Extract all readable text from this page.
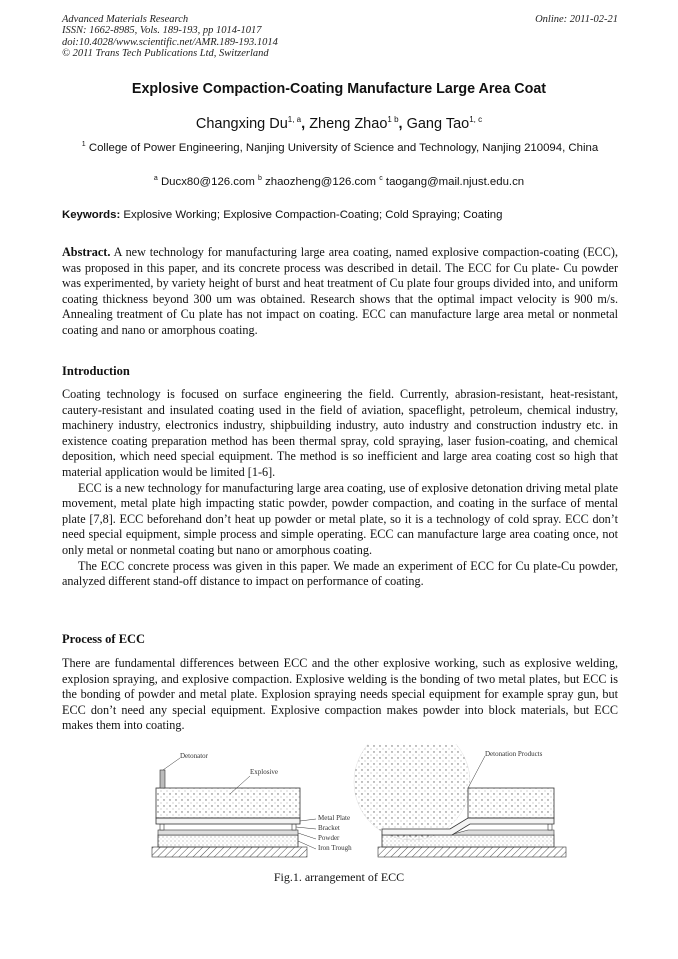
Advanced Materials Research
ISSN: 1662-8985, Vols. 189-193, pp 1014-1017
doi:10.4028/www.scientific.net/AMR.189-193.1014
© 2011 Trans Tech Publications Ltd, Switzerland
Online: 2011-02-21
Explosive Compaction-Coating Manufacture Large Area Coat
Changxing Du$^{1, a}$, Zheng Zhao$^{1 b}$, Gang Tao$^{1, c}$
$^1$ College of Power Engineering, Nanjing University of Science and Technology, Nanjing 210094, China
$^a$ Ducx80@126.com $^b$ zhaozheng@126.com $^c$ taogang@mail.njust.edu.cn
Keywords: Explosive Working; Explosive Compaction-Coating; Cold Spraying; Coating

Abstract. A new technology for manufacturing large area coating, named explosive compaction-coating (ECC), was proposed in this paper, and its concrete process was described in detail. The ECC for Cu plate- Cu powder was experimented, by variety height of burst and heat treatment of Cu plate four groups divided into, and uniform coating thickness beyond 300 um was obtained. Research shows that the optimal impact velocity is 900 m/s. Annealing treatment of Cu plate has not impact on coating. ECC can manufacture large area metal or nonmetal coating and nano or amorphous coating.

Introduction

Coating technology is focused on surface engineering the field. Currently, abrasion-resistant, heat-resistant, cautery-resistant and insulated coating used in the field of aviation, spaceflight, petroleum, chemical industry, machinery industry, electronics industry, shipbuilding industry, auto industry and construction industry etc. in existence coating preparation method has been thermal spray, cold spraying, laser fusion-coating, and chemical deposition, which need special equipment. The method is so inefficient and large area coating cost so high that material application would be limited [1-6].

ECC is a new technology for manufacturing large area coating, use of explosive detonation driving metal plate movement, metal plate high impacting static powder, powder compaction, and coating in the surface of mental plate [7,8]. ECC beforehand don’t heat up powder or metal plate, so it is a technology of cold spray. ECC don’t need special equipment, simple process and simple operating. ECC can manufacture large area coating once, not only metal or nonmetal coating but nano or amorphous coating.

The ECC concrete process was given in this paper. We made an experiment of ECC for Cu plate-Cu powder, analyzed different stand-off distance to impact on performance of coating.

Process of ECC

There are fundamental differences between ECC and the other explosive working, such as explosive welding, explosion spraying, and explosive compaction. Explosive welding is the bonding of two metal plates, but ECC is the bonding of powder and metal plate. Explosion spraying needs special equipment for example spray gun, but ECC don’t need any special equipment. Explosive compaction makes powder into block materials, but ECC makes them into coating.

Detonator
Explosive
Metal Plate
Bracket
Powder
Iron Trough
Detonation Products
Fig.1. arrangement of ECC
